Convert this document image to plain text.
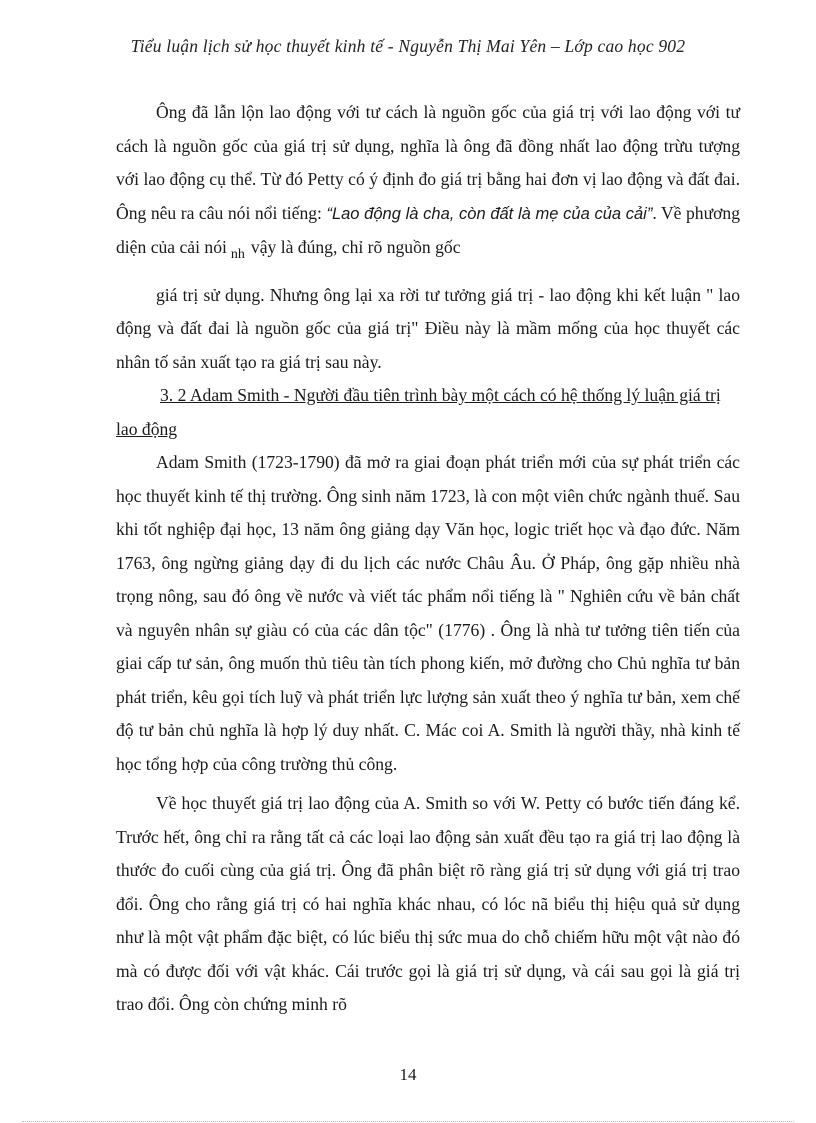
Tiểu luận lịch sử học thuyết kinh tế - Nguyễn Thị Mai Yên – Lớp cao học 902

Ông đã lẫn lộn lao động với tư cách là nguồn gốc của giá trị với lao động với tư cách là nguồn gốc của giá trị sử dụng, nghĩa là ông đã đồng nhất lao động trừu tượng với lao động cụ thể. Từ đó Petty có ý định đo giá trị bằng hai đơn vị lao động và đất đai. Ông nêu ra câu nói nổi tiếng: “Lao động là cha, còn đất là mẹ của của cải”. Về phương diện của cải nói $_{nh}$ vậy là đúng, chỉ rõ nguồn gốc

giá trị sử dụng. Nhưng ông lại xa rời tư tưởng giá trị - lao động khi kết luận " lao động và đất đai là nguồn gốc của giá trị" Điều này là mầm mống của học thuyết các nhân tố sản xuất tạo ra giá trị sau này.

3. 2 Adam Smith - Người đầu tiên trình bày một cách có hệ thống lý luận giá trị lao động

Adam Smith (1723-1790) đã mở ra giai đoạn phát triển mới của sự phát triển các học thuyết kinh tế thị trường. Ông sinh năm 1723, là con một viên chức ngành thuế. Sau khi tốt nghiệp đại học, 13 năm ông giảng dạy Văn học, logic triết học và đạo đức. Năm 1763, ông ngừng giảng dạy đi du lịch các nước Châu Âu. Ở Pháp, ông gặp nhiều nhà trọng nông, sau đó ông về nước và viết tác phẩm nổi tiếng là " Nghiên cứu về bản chất và nguyên nhân sự giàu có của các dân tộc" (1776) . Ông là nhà tư tưởng tiên tiến của giai cấp tư sản, ông muốn thủ tiêu tàn tích phong kiến, mở đường cho Chủ nghĩa tư bản phát triển, kêu gọi tích luỹ và phát triển lực lượng sản xuất theo ý nghĩa tư bản, xem chế độ tư bản chủ nghĩa là hợp lý duy nhất. C. Mác coi A. Smith là người thầy, nhà kinh tế học tổng hợp của công trường thủ công.

Về học thuyết giá trị lao động của A. Smith so với W. Petty có bước tiến đáng kể. Trước hết, ông chỉ ra rằng tất cả các loại lao động sản xuất đều tạo ra giá trị lao động là thước đo cuối cùng của giá trị. Ông đã phân biệt rõ ràng giá trị sử dụng với giá trị trao đổi. Ông cho rằng giá trị có hai nghĩa khác nhau, có lóc nã biểu thị hiệu quả sử dụng như là một vật phẩm đặc biệt, có lúc biểu thị sức mua do chỗ chiếm hữu một vật nào đó mà có được đối với vật khác. Cái trước gọi là giá trị sử dụng, và cái sau gọi là giá trị trao đổi. Ông còn chứng minh rõ

14
